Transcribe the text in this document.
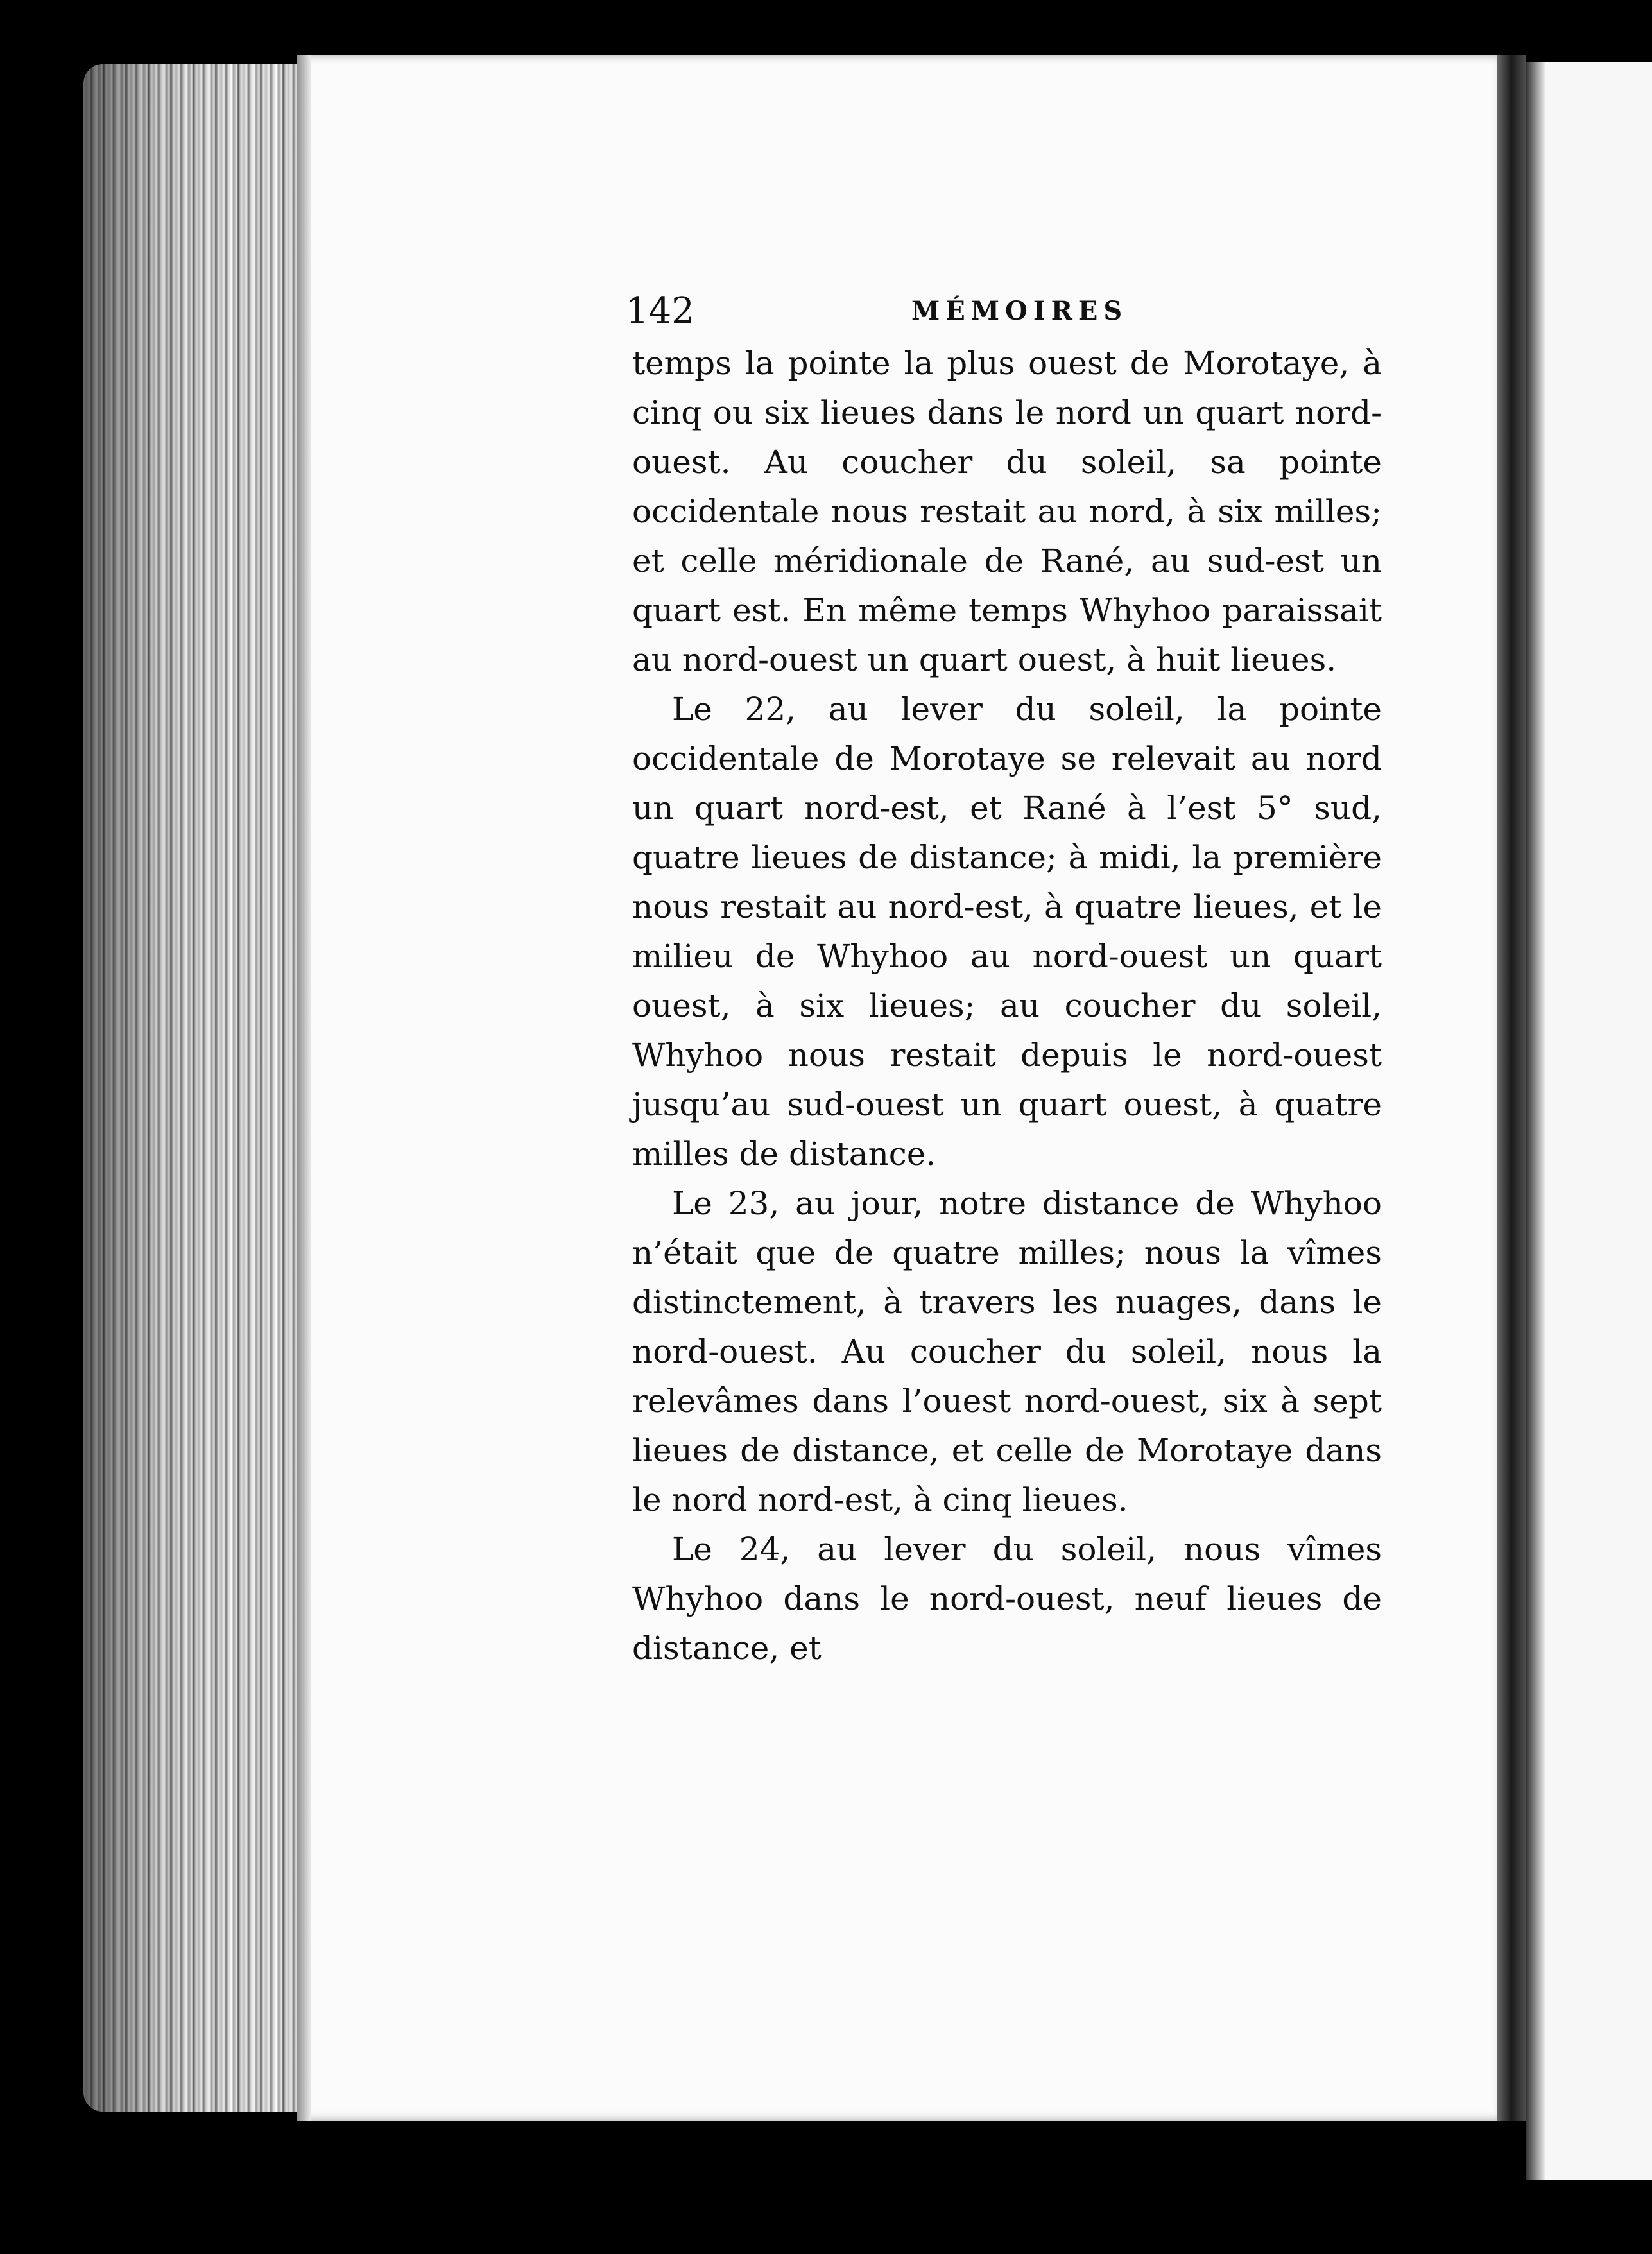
142	MÉMOIRES

temps la pointe la plus ouest de Morotaye, à cinq ou six lieues dans le nord un quart nord-ouest. Au coucher du soleil, sa pointe occidentale nous restait au nord, à six milles; et celle méridionale de Rané, au sud-est un quart est. En même temps Whyhoo paraissait au nord-ouest un quart ouest, à huit lieues.

Le 22, au lever du soleil, la pointe occidentale de Morotaye se relevait au nord un quart nord-est, et Rané à l’est 5° sud, quatre lieues de distance; à midi, la première nous restait au nord-est, à quatre lieues, et le milieu de Whyhoo au nord-ouest un quart ouest, à six lieues; au coucher du soleil, Whyhoo nous restait depuis le nord-ouest jusqu’au sud-ouest un quart ouest, à quatre milles de distance.

Le 23, au jour, notre distance de Whyhoo n’était que de quatre milles; nous la vîmes distinctement, à travers les nuages, dans le nord-ouest. Au coucher du soleil, nous la relevâmes dans l’ouest nord-ouest, six à sept lieues de distance, et celle de Morotaye dans le nord nord-est, à cinq lieues.

Le 24, au lever du soleil, nous vîmes Whyhoo dans le nord-ouest, neuf lieues de distance, et
